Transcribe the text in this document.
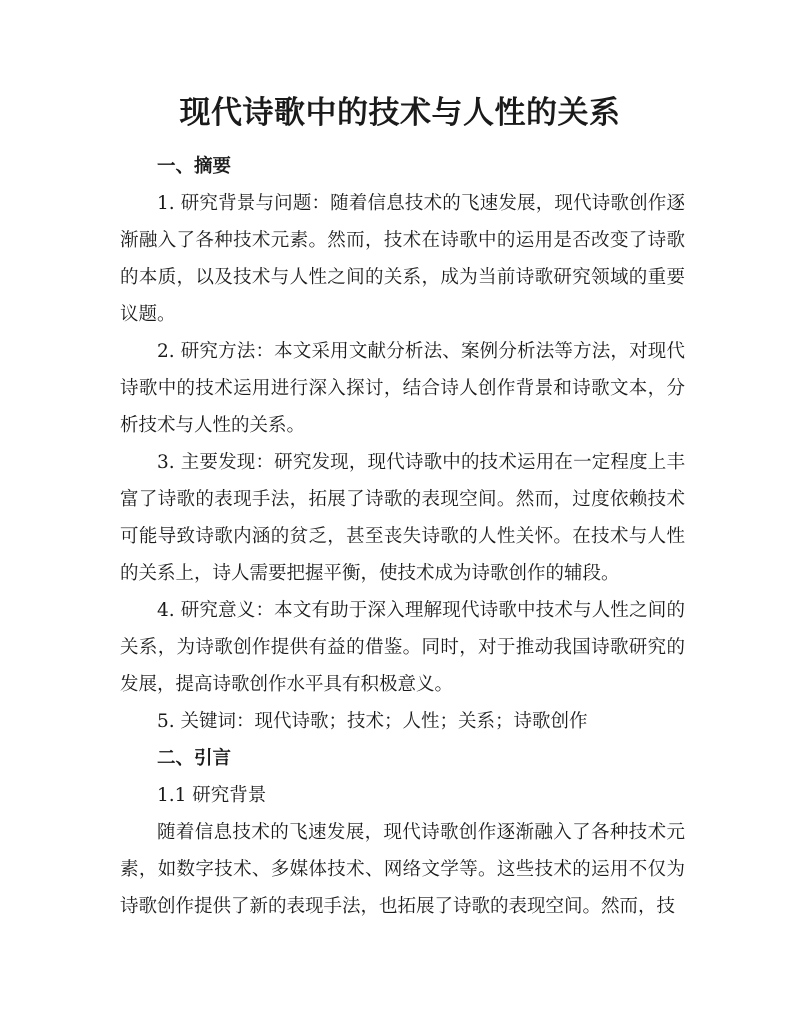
现代诗歌中的技术与人性的关系
一、摘要

1. 研究背景与问题：随着信息技术的飞速发展，现代诗歌创作逐渐融入了各种技术元素。然而，技术在诗歌中的运用是否改变了诗歌的本质，以及技术与人性之间的关系，成为当前诗歌研究领域的重要议题。

2. 研究方法：本文采用文献分析法、案例分析法等方法，对现代诗歌中的技术运用进行深入探讨，结合诗人创作背景和诗歌文本，分析技术与人性的关系。

3. 主要发现：研究发现，现代诗歌中的技术运用在一定程度上丰富了诗歌的表现手法，拓展了诗歌的表现空间。然而，过度依赖技术可能导致诗歌内涵的贫乏，甚至丧失诗歌的人性关怀。在技术与人性的关系上，诗人需要把握平衡，使技术成为诗歌创作的辅段。

4. 研究意义：本文有助于深入理解现代诗歌中技术与人性之间的关系，为诗歌创作提供有益的借鉴。同时，对于推动我国诗歌研究的发展，提高诗歌创作水平具有积极意义。

5. 关键词：现代诗歌；技术；人性；关系；诗歌创作

二、引言
1.1 研究背景

随着信息技术的飞速发展，现代诗歌创作逐渐融入了各种技术元素，如数字技术、多媒体技术、网络文学等。这些技术的运用不仅为诗歌创作提供了新的表现手法，也拓展了诗歌的表现空间。然而，技
